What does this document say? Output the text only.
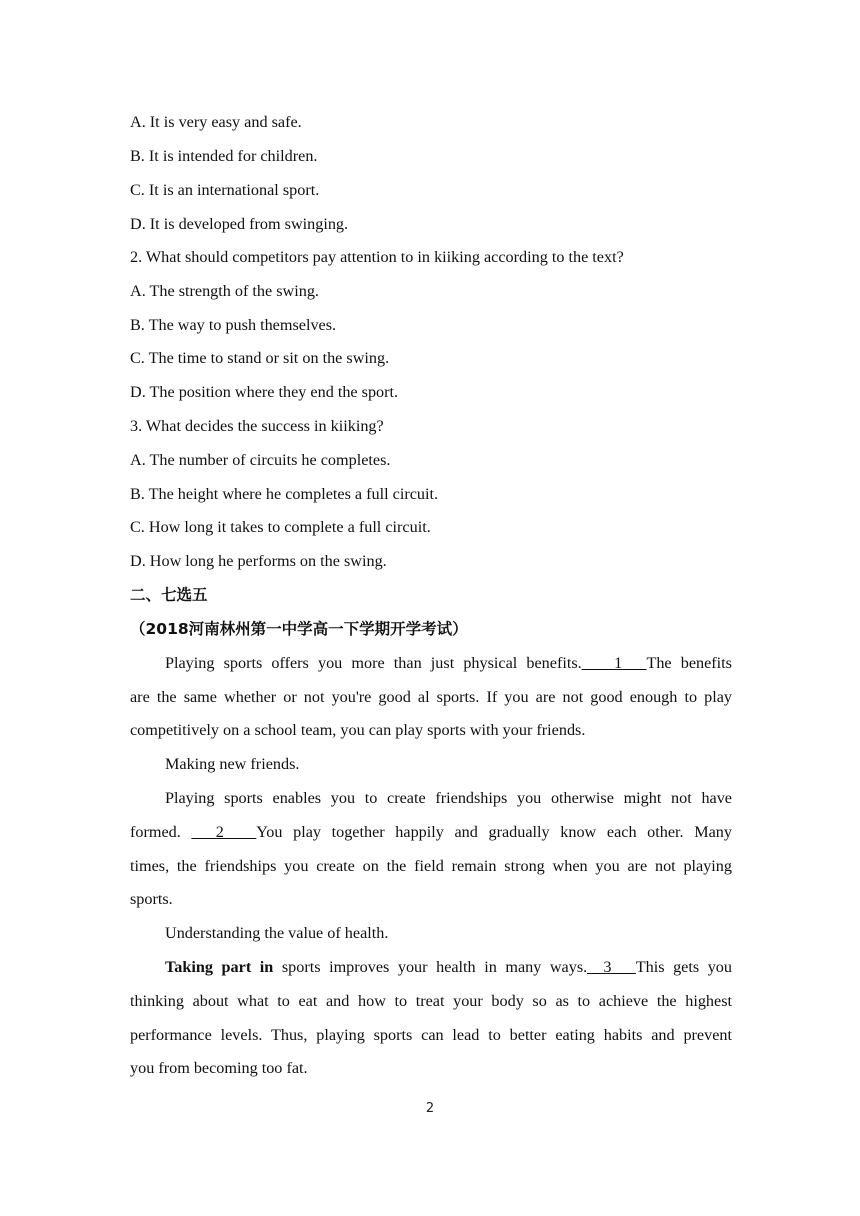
A. It is very easy and safe.
B. It is intended for children.
C. It is an international sport.
D. It is developed from swinging.
2. What should competitors pay attention to in kiiking according to the text?
A. The strength of the swing.
B. The way to push themselves.
C. The time to stand or sit on the swing.
D. The position where they end the sport.
3. What decides the success in kiiking?
A. The number of circuits he completes.
B. The height where he completes a full circuit.
C. How long it takes to complete a full circuit.
D. How long he performs on the swing.
二、七选五
（2018河南林州第一中学高一下学期开学考试）
Playing sports offers you more than just physical benefits.____1___The benefits
are the same whether or not you're good al sports. If you are not good enough to play
competitively on a school team, you can play sports with your friends.
Making new friends.
Playing sports enables you to create friendships you otherwise might not have
formed. ___2____You play together happily and gradually know each other. Many
times, the friendships you create on the field remain strong when you are not playing
sports.
Understanding the value of health.
Taking part in sports improves your health in many ways.__3___This gets you
thinking about what to eat and how to treat your body so as to achieve the highest
performance levels. Thus, playing sports can lead to better eating habits and prevent
you from becoming too fat.
2
